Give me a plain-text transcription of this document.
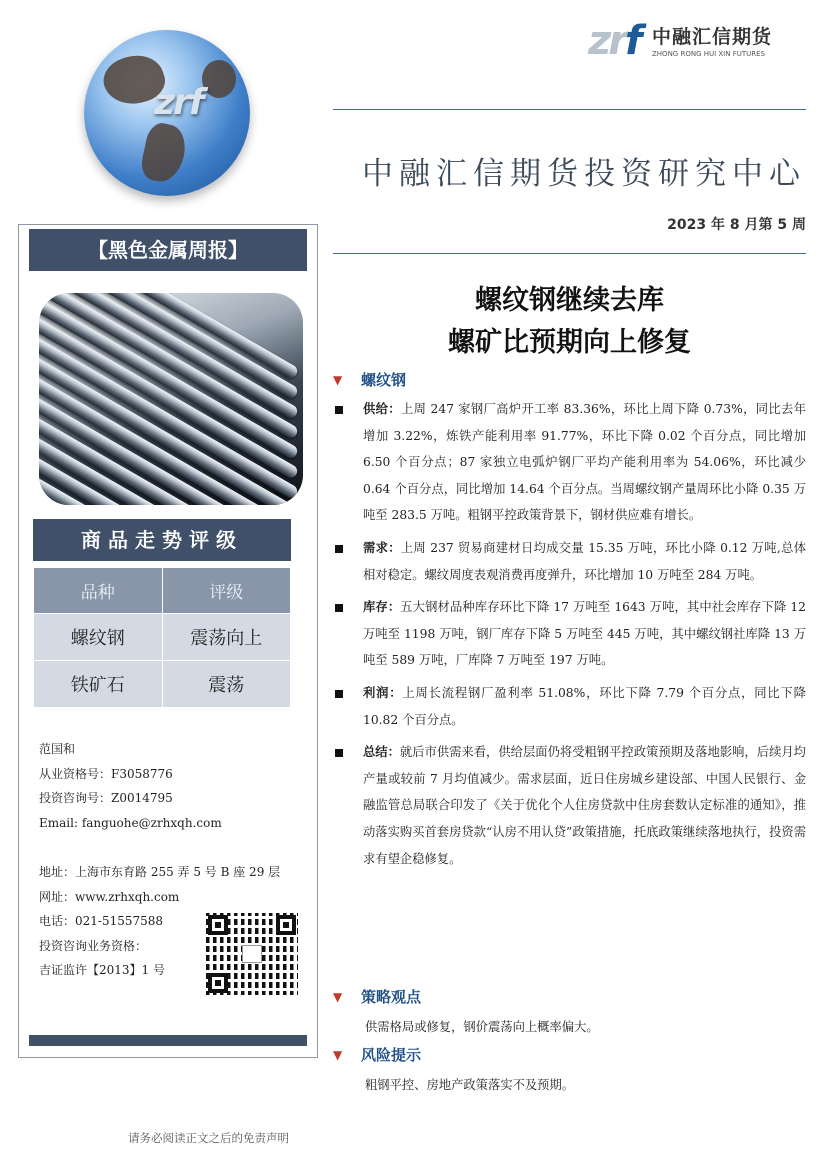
zrf
zrf 中融汇信期货
ZHONG RONG HUI XIN FUTURES
中融汇信期货投资研究中心
2023 年 8 月第 5 周
【黑色金属周报】
商品走势评级
品种	评级
螺纹钢	震荡向上
铁矿石	震荡
范国和
从业资格号：F3058776
投资咨询号：Z0014795
Email: fanguohe@zrhxqh.com
地址：上海市东育路 255 弄 5 号 B 座 29 层
网址：www.zrhxqh.com
电话：021-51557588
投资咨询业务资格：
吉证监许【2013】1 号
螺纹钢继续去库
螺矿比预期向上修复
▼ 螺纹钢
供给：上周 247 家钢厂高炉开工率 83.36%，环比上周下降 0.73%，同比去年增加 3.22%，炼铁产能利用率 91.77%，环比下降 0.02 个百分点，同比增加 6.50 个百分点；87 家独立电弧炉钢厂平均产能利用率为 54.06%，环比减少 0.64 个百分点，同比增加 14.64 个百分点。当周螺纹钢产量周环比小降 0.35 万吨至 283.5 万吨。粗钢平控政策背景下，钢材供应难有增长。
需求：上周 237 贸易商建材日均成交量 15.35 万吨，环比小降 0.12 万吨,总体相对稳定。螺纹周度表观消费再度弹升，环比增加 10 万吨至 284 万吨。
库存：五大钢材品种库存环比下降 17 万吨至 1643 万吨，其中社会库存下降 12 万吨至 1198 万吨，钢厂库存下降 5 万吨至 445 万吨，其中螺纹钢社库降 13 万吨至 589 万吨，厂库降 7 万吨至 197 万吨。
利润：上周长流程钢厂盈利率 51.08%，环比下降 7.79 个百分点，同比下降 10.82 个百分点。
总结：就后市供需来看，供给层面仍将受粗钢平控政策预期及落地影响，后续月均产量或较前 7 月均值减少。需求层面，近日住房城乡建设部、中国人民银行、金融监管总局联合印发了《关于优化个人住房贷款中住房套数认定标准的通知》，推动落实购买首套房贷款“认房不用认贷”政策措施，托底政策继续落地执行，投资需求有望企稳修复。
▼ 策略观点
供需格局或修复，钢价震荡向上概率偏大。
▼ 风险提示
粗钢平控、房地产政策落实不及预期。
请务必阅读正文之后的免责声明
